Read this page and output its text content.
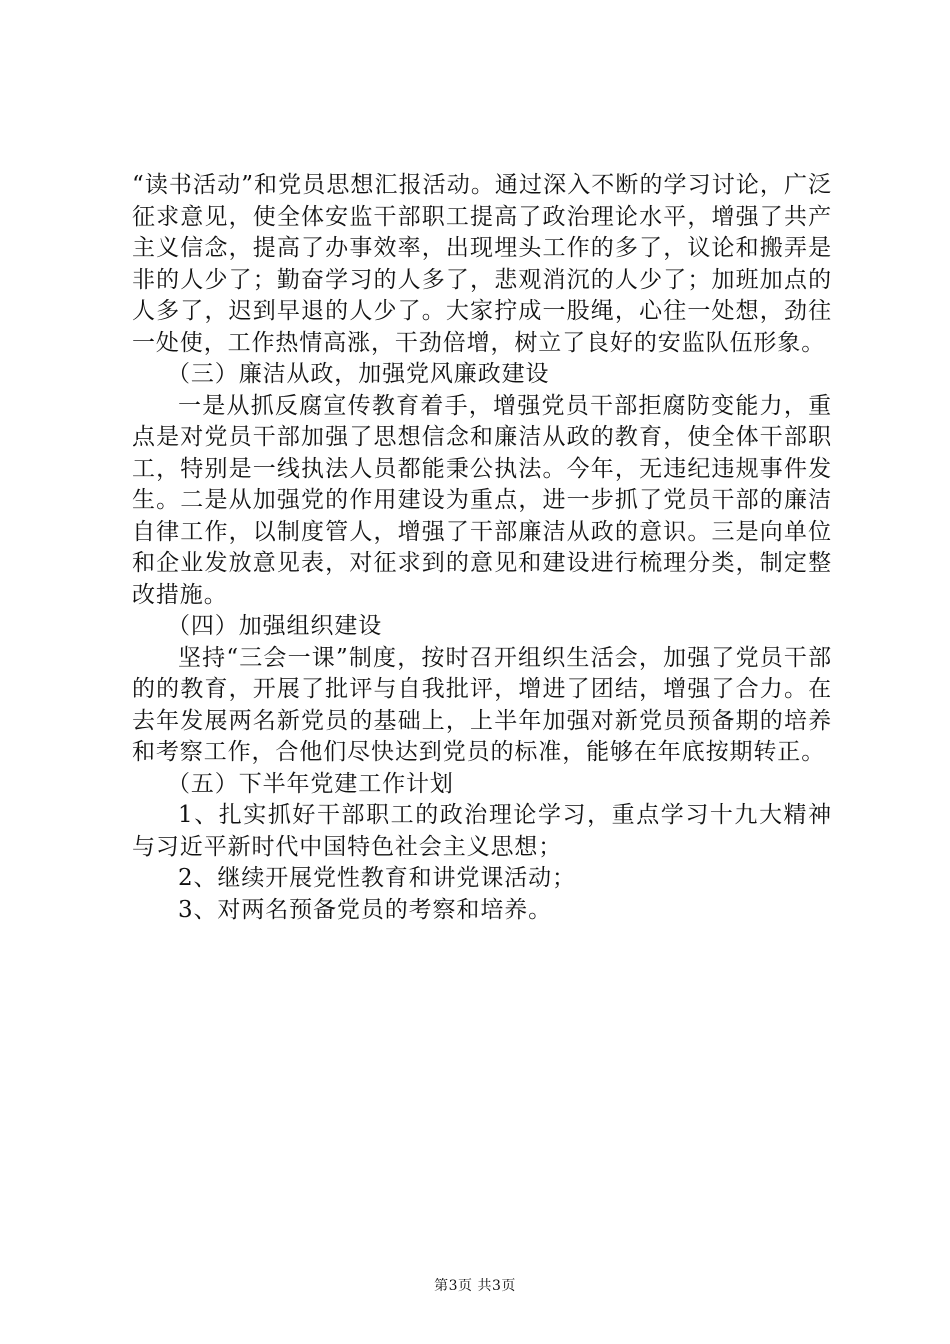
“读书活动”和党员思想汇报活动。通过深入不断的学习讨论，广泛征求意见，使全体安监干部职工提高了政治理论水平，增强了共产主义信念，提高了办事效率，出现埋头工作的多了，议论和搬弄是非的人少了；勤奋学习的人多了，悲观消沉的人少了；加班加点的人多了，迟到早退的人少了。大家拧成一股绳，心往一处想，劲往一处使，工作热情高涨，干劲倍增，树立了良好的安监队伍形象。

（三）廉洁从政，加强党风廉政建设

一是从抓反腐宣传教育着手，增强党员干部拒腐防变能力，重点是对党员干部加强了思想信念和廉洁从政的教育，使全体干部职工，特别是一线执法人员都能秉公执法。今年，无违纪违规事件发生。二是从加强党的作用建设为重点，进一步抓了党员干部的廉洁自律工作，以制度管人，增强了干部廉洁从政的意识。三是向单位和企业发放意见表，对征求到的意见和建设进行梳理分类，制定整改措施。

（四）加强组织建设

坚持“三会一课”制度，按时召开组织生活会，加强了党员干部的的教育，开展了批评与自我批评，增进了团结，增强了合力。在去年发展两名新党员的基础上，上半年加强对新党员预备期的培养和考察工作，合他们尽快达到党员的标准，能够在年底按期转正。

（五）下半年党建工作计划

1、扎实抓好干部职工的政治理论学习，重点学习十九大精神与习近平新时代中国特色社会主义思想；

2、继续开展党性教育和讲党课活动；

3、对两名预备党员的考察和培养。

第3页 共3页
